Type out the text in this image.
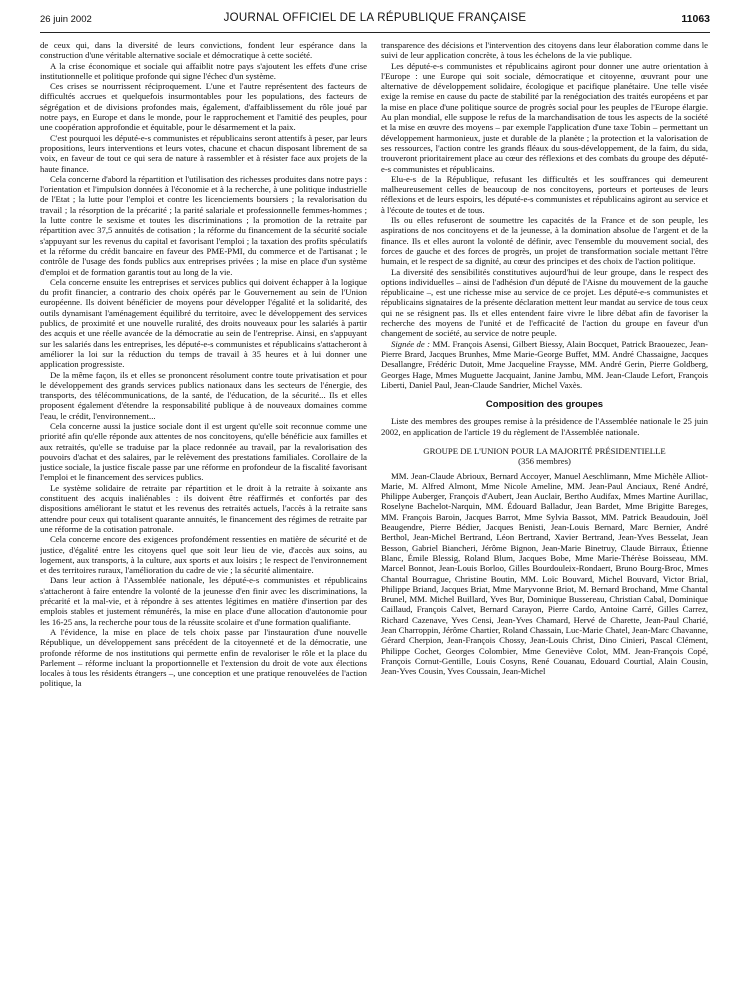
26 juin 2002	JOURNAL OFFICIEL DE LA RÉPUBLIQUE FRANÇAISE	11063

de ceux qui, dans la diversité de leurs convictions, fondent leur espérance dans la construction d'une véritable alternative sociale et démocratique à cette société.

A la crise économique et sociale qui affaiblit notre pays s'ajoutent les effets d'une crise institutionnelle et politique profonde qui signe l'échec d'un système.

Ces crises se nourrissent réciproquement. L'une et l'autre représentent des facteurs de difficultés accrues et quelquefois insurmontables pour les populations, des facteurs de ségrégation et de divisions profondes mais, également, d'affaiblissement du rôle joué par notre pays, en Europe et dans le monde, pour le rapprochement et l'amitié des peuples, pour une coopération approfondie et équitable, pour le désarmement et la paix.

C'est pourquoi les député-e-s communistes et républicains seront attentifs à peser, par leurs propositions, leurs interventions et leurs votes, chacune et chacun disposant librement de sa voix, en faveur de tout ce qui sera de nature à rassembler et à résister face aux projets de la haute finance.

Cela concerne d'abord la répartition et l'utilisation des richesses produites dans notre pays : l'orientation et l'impulsion données à l'économie et à la recherche, à une politique industrielle de l'Etat ; la lutte pour l'emploi et contre les licenciements boursiers ; la revalorisation du travail ; la résorption de la précarité ; la parité salariale et professionnelle femmes-hommes ; la lutte contre le sexisme et toutes les discriminations ; la promotion de la retraite par répartition avec 37,5 annuités de cotisation ; la réforme du financement de la sécurité sociale s'appuyant sur les revenus du capital et favorisant l'emploi ; la taxation des profits spéculatifs et la réforme du crédit bancaire en faveur des PME-PMI, du commerce et de l'artisanat ; le contrôle de l'usage des fonds publics aux entreprises privées ; la mise en place d'un système d'emploi et de formation garantis tout au long de la vie.

Cela concerne ensuite les entreprises et services publics qui doivent échapper à la logique du profit financier, a contrario des choix opérés par le Gouvernement au sein de l'Union européenne. Ils doivent bénéficier de moyens pour développer l'égalité et la solidarité, des outils dynamisant l'aménagement équilibré du territoire, avec le développement des services publics, de proximité et une nouvelle ruralité, des droits nouveaux pour les salariés à partir des acquis et une réelle avancée de la démocratie au sein de l'entreprise. Ainsi, en s'appuyant sur les salariés dans les entreprises, les député-e-s communistes et républicains s'attacheront à améliorer la loi sur la réduction du temps de travail à 35 heures et à lui donner une application progressiste.

De la même façon, ils et elles se prononcent résolument contre toute privatisation et pour le développement des grands services publics nationaux dans les secteurs de l'énergie, des transports, des télécommunications, de la santé, de l'éducation, de la sécurité... Ils et elles proposent également d'étendre la responsabilité publique à de nouveaux domaines comme l'eau, le crédit, l'environnement...

Cela concerne aussi la justice sociale dont il est urgent qu'elle soit reconnue comme une priorité afin qu'elle réponde aux attentes de nos concitoyens, qu'elle bénéficie aux familles et aux retraités, qu'elle se traduise par la place redonnée au travail, par la revalorisation des pouvoirs d'achat et des salaires, par le relèvement des prestations familiales. Corollaire de la justice sociale, la justice fiscale passe par une réforme en profondeur de la fiscalité favorisant l'emploi et le financement des services publics.

Le système solidaire de retraite par répartition et le droit à la retraite à soixante ans constituent des acquis inaliénables : ils doivent être réaffirmés et confortés par des dispositions améliorant le statut et les revenus des retraités actuels, l'accès à la retraite sans attendre pour ceux qui totalisent quarante annuités, le financement des régimes de retraite par une réforme de la cotisation patronale.

Cela concerne encore des exigences profondément ressenties en matière de sécurité et de justice, d'égalité entre les citoyens quel que soit leur lieu de vie, d'accès aux soins, au logement, aux transports, à la culture, aux sports et aux loisirs ; le respect de l'environnement et des territoires ruraux, l'amélioration du cadre de vie ; la sécurité alimentaire.

Dans leur action à l'Assemblée nationale, les député-e-s communistes et républicains s'attacheront à faire entendre la volonté de la jeunesse d'en finir avec les discriminations, la précarité et la mal-vie, et à répondre à ses attentes légitimes en matière d'insertion par des emplois stables et justement rémunérés, la mise en place d'une allocation d'autonomie pour les 16-25 ans, la recherche pour tous de la réussite scolaire et d'une formation qualifiante.

A l'évidence, la mise en place de tels choix passe par l'instauration d'une nouvelle République, un développement sans précédent de la citoyenneté et de la démocratie, une profonde réforme de nos institutions qui permette enfin de revaloriser le rôle et la place du Parlement – réforme incluant la proportionnelle et l'extension du droit de vote aux élections locales à tous les résidents étrangers –, une conception et une pratique renouvelées de l'action politique, la

transparence des décisions et l'intervention des citoyens dans leur élaboration comme dans le suivi de leur application concrète, à tous les échelons de la vie publique.

Les député-e-s communistes et républicains agiront pour donner une autre orientation à l'Europe : une Europe qui soit sociale, démocratique et citoyenne, œuvrant pour une alternative de développement solidaire, écologique et pacifique planétaire. Une telle visée exige la remise en cause du pacte de stabilité par la renégociation des traités européens et par la mise en place d'une politique source de progrès social pour les peuples de l'Europe élargie. Au plan mondial, elle suppose le refus de la marchandisation de tous les aspects de la société et la mise en œuvre des moyens – par exemple l'application d'une taxe Tobin – permettant un développement harmonieux, juste et durable de la planète ; la protection et la valorisation de ses ressources, l'action contre les grands fléaux du sous-développement, de la faim, du sida, trouveront prioritairement place au cœur des réflexions et des combats du groupe des député-e-s communistes et républicains.

Elu-e-s de la République, refusant les difficultés et les souffrances qui demeurent malheureusement celles de beaucoup de nos concitoyens, porteurs et porteuses de leurs réflexions et de leurs espoirs, les député-e-s communistes et républicains agiront au service et à l'écoute de toutes et de tous.

Ils ou elles refuseront de soumettre les capacités de la France et de son peuple, les aspirations de nos concitoyens et de la jeunesse, à la domination absolue de l'argent et de la finance. Ils et elles auront la volonté de définir, avec l'ensemble du mouvement social, des forces de gauche et des forces de progrès, un projet de transformation sociale mettant l'être humain, et le respect de sa dignité, au cœur des principes et des choix de l'action politique.

La diversité des sensibilités constitutives aujourd'hui de leur groupe, dans le respect des options individuelles – ainsi de l'adhésion d'un député de l'Aisne du mouvement de la gauche républicaine –, est une richesse mise au service de ce projet. Les député-e-s communistes et républicains signataires de la présente déclaration mettent leur mandat au service de tous ceux qui ne se résignent pas. Ils et elles entendent faire vivre le libre débat afin de favoriser la recherche des moyens de l'unité et de l'efficacité de l'action du groupe en faveur d'un changement de société, au service de notre peuple.

Signée de : MM. François Asensi, Gilbert Biessy, Alain Bocquet, Patrick Braouezec, Jean-Pierre Brard, Jacques Brunhes, Mme Marie-George Buffet, MM. André Chassaigne, Jacques Desallangre, Frédéric Dutoit, Mme Jacqueline Fraysse, MM. André Gerin, Pierre Goldberg, Georges Hage, Mmes Muguette Jacquaint, Janine Jambu, MM. Jean-Claude Lefort, François Liberti, Daniel Paul, Jean-Claude Sandrier, Michel Vaxès.

Composition des groupes

Liste des membres des groupes remise à la présidence de l'Assemblée nationale le 25 juin 2002, en application de l'article 19 du règlement de l'Assemblée nationale.

GROUPE DE L'UNION POUR LA MAJORITÉ PRÉSIDENTIELLE
(356 membres)

MM. Jean-Claude Abrioux, Bernard Accoyer, Manuel Aeschlimann, Mme Michèle Alliot-Marie, M. Alfred Almont, Mme Nicole Ameline, MM. Jean-Paul Anciaux, René André, Philippe Auberger, François d'Aubert, Jean Auclair, Bertho Audifax, Mmes Martine Aurillac, Roselyne Bachelot-Narquin, MM. Édouard Balladur, Jean Bardet, Mme Brigitte Bareges, MM. François Baroin, Jacques Barrot, Mme Sylvia Bassot, MM. Patrick Beaudouin, Joël Beaugendre, Pierre Bédier, Jacques Benisti, Jean-Louis Bernard, Marc Bernier, André Berthol, Jean-Michel Bertrand, Léon Bertrand, Xavier Bertrand, Jean-Yves Besselat, Jean Besson, Gabriel Biancheri, Jérôme Bignon, Jean-Marie Binetruy, Claude Birraux, Étienne Blanc, Émile Blessig, Roland Blum, Jacques Bobe, Mme Marie-Thérèse Boisseau, MM. Marcel Bonnot, Jean-Louis Borloo, Gilles Bourdouleix-Rondaert, Bruno Bourg-Broc, Mmes Chantal Bourrague, Christine Boutin, MM. Loïc Bouvard, Michel Bouvard, Victor Brial, Philippe Briand, Jacques Briat, Mme Maryvonne Briot, M. Bernard Brochand, Mme Chantal Brunel, MM. Michel Buillard, Yves Bur, Dominique Bussereau, Christian Cabal, Dominique Caillaud, François Calvet, Bernard Carayon, Pierre Cardo, Antoine Carré, Gilles Carrez, Richard Cazenave, Yves Censi, Jean-Yves Chamard, Hervé de Charette, Jean-Paul Charié, Jean Charroppin, Jérôme Chartier, Roland Chassain, Luc-Marie Chatel, Jean-Marc Chavanne, Gérard Cherpion, Jean-François Chossy, Jean-Louis Christ, Dino Cinieri, Pascal Clément, Philippe Cochet, Georges Colombier, Mme Geneviève Colot, MM. Jean-François Copé, François Cornut-Gentille, Louis Cosyns, René Couanau, Edouard Courtial, Alain Cousin, Jean-Yves Cousin, Yves Coussain, Jean-Michel
